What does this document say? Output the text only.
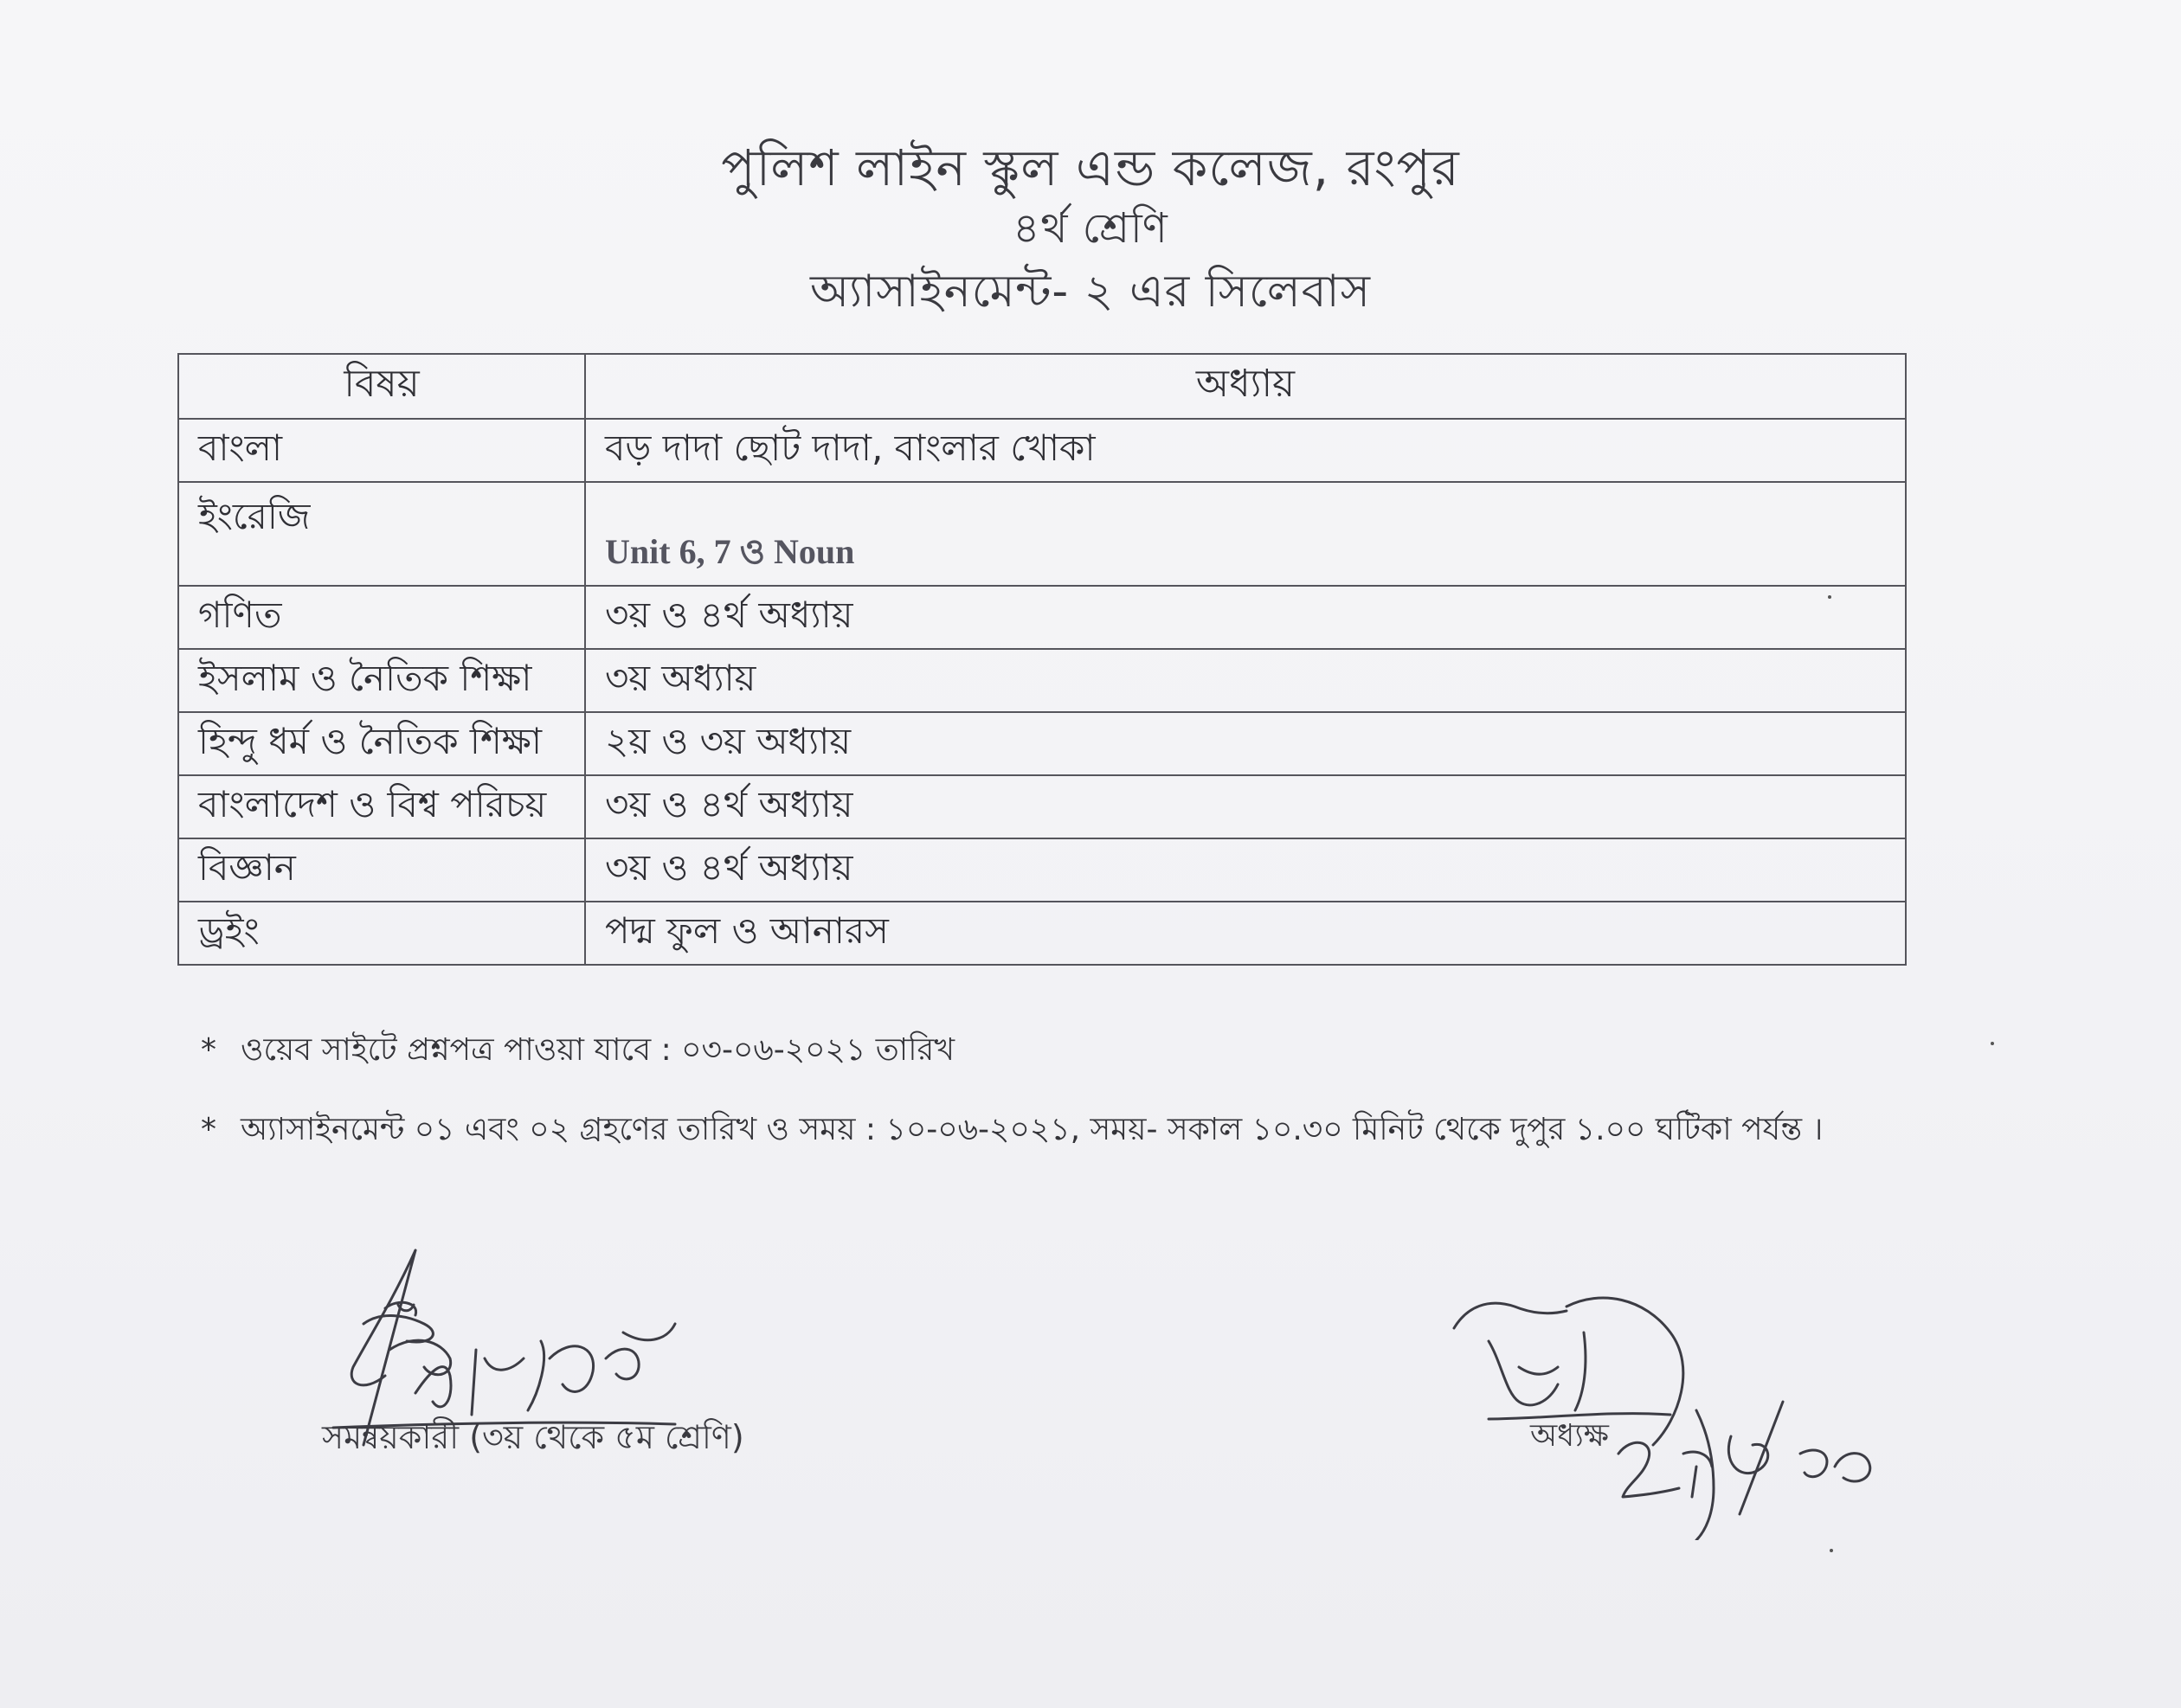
পুলিশ লাইন স্কুল এন্ড কলেজ, রংপুর
৪র্থ শ্রেণি
অ্যাসাইনমেন্ট- ২ এর সিলেবাস
বিষয়	অধ্যায়
বাংলা	বড় দাদা ছোট দাদা, বাংলার খোকা
ইংরেজি	Unit 6, 7 ও Noun

গণিত	৩য় ও ৪র্থ অধ্যায়
ইসলাম ও নৈতিক শিক্ষা	৩য় অধ্যায়
হিন্দু ধর্ম ও নৈতিক শিক্ষা	২য় ও ৩য় অধ্যায়
বাংলাদেশ ও বিশ্ব পরিচয়	৩য় ও ৪র্থ অধ্যায়
বিজ্ঞান	৩য় ও ৪র্থ অধ্যায়
ড্রইং	পদ্ম ফুল ও আনারস
* ওয়েব সাইটে প্রশ্নপত্র পাওয়া যাবে : ০৩-০৬-২০২১ তারিখ
* অ্যাসাইনমেন্ট ০১ এবং ০২ গ্রহণের তারিখ ও সময় : ১০-০৬-২০২১, সময়- সকাল ১০.৩০ মিনিট থেকে দুপুর ১.০০ ঘটিকা পর্যন্ত ।
সমন্বয়কারী (৩য় থেকে ৫ম শ্রেণি)	অধ্যক্ষ
